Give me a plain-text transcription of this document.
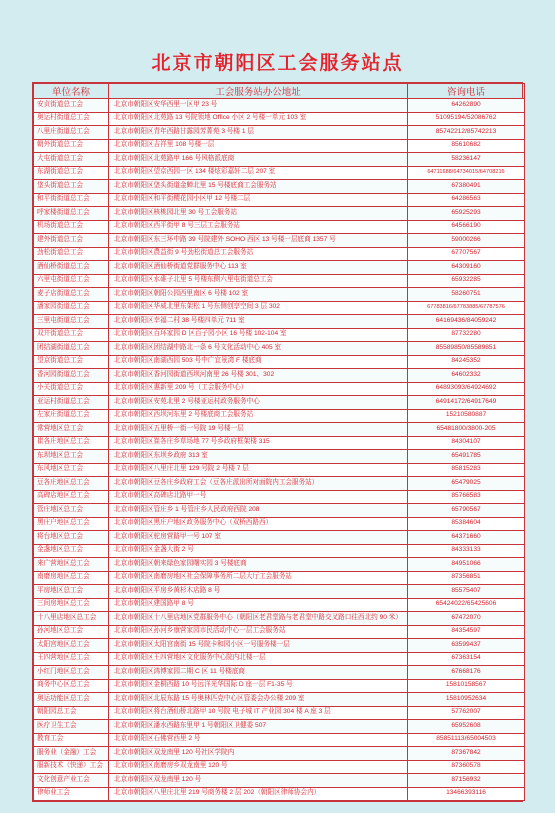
北京市朝阳区工会服务站点
单位名称	工会服务站办公地址	咨询电话
安贞街道总工会	北京市朝阳区安华西里一区甲 23 号	64262890
奥运村街道总工会	北京市朝阳区北苑路 13 号院领地 Office 小区 2 号楼一单元 103 室	51095194/52086762
八里庄街道总工会	北京市朝阳区青年西路甘露园芳菁苑 3 号楼 1 层	85742212/85742213
朝外街道总工会	北京市朝阳区吉祥里 108 号楼一层	85610682
大屯街道总工会	北京市朝阳区北苑路甲 166 号风格派底商	58236147
东湖街道总工会	北京市朝阳区望京西园一区 134 楼炫彩嘉轩二层 207 室	64711688/64734015/64708216
垡头街道总工会	北京市朝阳区垡头街道金蝉北里 15 号楼底商工会服务站	67380491
和平街街道总工会	北京市朝阳区和平街樱花园小区甲 12 号楼二层	64286563
呼家楼街道总工会	北京市朝阳区核桃园北里 30 号工会服务站	65925293
机场街道总工会	北京市朝阳区西平街甲 8 号三层工会服务站	64566190
建外街道总工会	北京市朝阳区东三环中路 39 号院建外 SOHO 西区 13 号楼一层底商 1357 号	59000266
劲松街道总工会	北京市朝阳区農益街 9 号劲松街道总工会服务站	67707567
酒仙桥街道总工会	北京市朝阳区酒仙桥街道党群服务中心 113 室	64309160
六里屯街道总工会	北京市朝阳区水碓子北里 5 号楼东侧六里屯街道总工会	65932285
麦子店街道总工会	北京市朝阳区朝阳公园西里南区 6 号楼 102 室	58260751
潘家园街道总工会	北京市朝阳区华威北里东架松 1 号东侧创享空间 3 层 302	67783816/67783885/67787576
三里屯街道总工会	北京市朝阳区幸福二村 38 号楼四单元 711 室	64169436/84059242
双井街道总工会	北京市朝阳区百环家园 D 区百子园小区 16 号楼 102-104 室	87732280
团结湖街道总工会	北京市朝阳区团结湖中路北一条 6 号文化活动中心 405 室	85589850/85589851
望京街道总工会	北京市朝阳区南湖西园 503 号中广宜景湾 F 楼底商	84245352
香河园街道总工会	北京市朝阳区香河园街道西坝河南里 26 号楼 301、302	64602332
小关街道总工会	北京市朝阳区惠新里 209 号（工会服务中心）	64893093/64924692
亚运村街道总工会	北京市朝阳区安苑北里 2 号楼亚运村政务服务中心	64914172/64917649
左家庄街道总工会	北京市朝阳区西坝河东里 2 号楼底商工会服务站	15210580887
常营地区总工会	北京市朝阳区五里桥一街一号院 19 号楼一层	65481800/3800-205
崔各庄地区总工会	北京市朝阳区崔各庄乡草场地 77 号乡政府框架楼 315	84304107
东坝地区总工会	北京市朝阳区东坝乡政府 313 室	65491785
东风地区总工会	北京市朝阳区八里庄北里 129 号院 2 号楼 7 层	85815283
豆各庄地区总工会	北京市朝阳区豆各庄乡政府工会（豆各庄派出所对面院内工会服务站）	65479025
高碑店地区总工会	北京市朝阳区高碑店北路甲一号	85766583
管庄地区总工会	北京市朝阳区管庄乡 1 号管庄乡人民政府西院 208	65790567
黑庄户地区总工会	北京市朝阳区黑庄户地区政务服务中心（双桥西路西）	85384604
将台地区总工会	北京市朝阳区驼房营路甲一号 107 室	64371660
金盏地区总工会	北京市朝阳区金盏大街 2 号	84333133
来广营地区总工会	北京市朝阳区朝来绿色家园曙实园 3 号楼底商	84951066
南磨房地区总工会	北京市朝阳区南磨房地区社会保障事务所二层大厅工会服务站	87356851
平房地区总工会	北京市朝阳区平房乡黄杉木店路 8 号	85575407
三间房地区总工会	北京市朝阳区建国路甲 8 号	65424022/65425606
十八里店地区总工会	北京市朝阳区十八里店地区党群服务中心（朝阳区老君堂路与老君堂中路交叉路口往西北约 90 米）	67472070
孙河地区总工会	北京市朝阳区孙河乡康营家园市民活动中心一层工会服务站	84354597
太阳宫地区总工会	北京市朝阳区太阳宫南街 15 号院卡和园小区一号服务楼一层	63599437
王四营地区总工会	北京市朝阳区王四营地区文化服务中心院内北楼一层	67363154
小红门地区总工会	北京市朝阳区鸿博家园二期 C 区 11 号楼底商	67668176
商务中心区总工会	北京市朝阳区金桐西路 10 号远洋光华国际 D 座一层 F1-35 号	15810158567
奥运功能区总工会	北京市朝阳区北辰东路 15 号奥林匹克中心区管委会办公楼 209 室	15810952634
朝阳园总工会	北京市朝阳区将台酒仙桥北路甲 10 号院 电子城 IT 产业园 304 楼 A 座 3 层	57762007
医疗卫生工会	北京市朝阳区潘水西路东里甲 1 号朝阳区卫健委 507	65952608
教育工会	北京市朝阳区石佛营西里 2 号	85851113/65004503
服务业（金融）工会	北京市朝阳区双龙南里 120 号社区学院内	87367842
服新技术（快递）工会	北京市朝阳区南磨房乡双龙南里 120 号	87360578
文化创意产业工会	北京市朝阳区双龙南里 120 号	87156932
律师业工会	北京市朝阳区八里庄北里 219 号商务楼 2 层 202（朝阳区律师协会内）	13466393116
